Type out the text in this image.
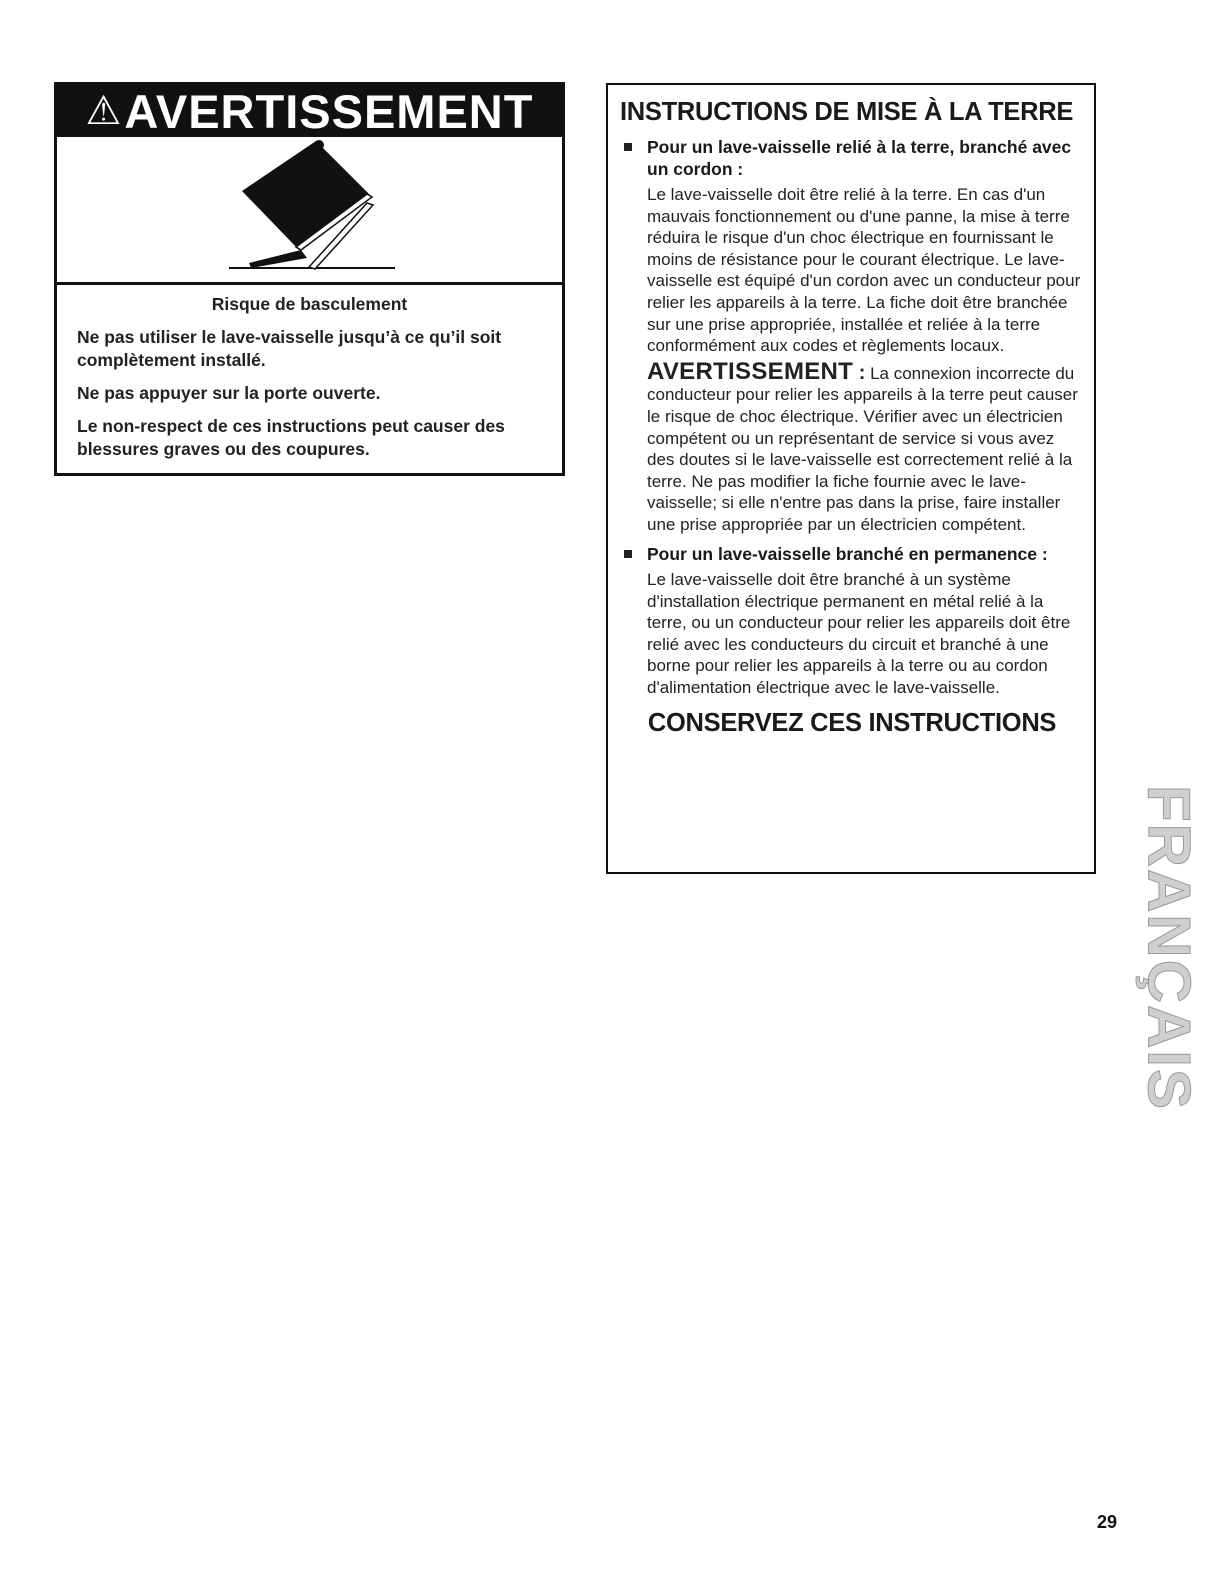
⚠ AVERTISSEMENT
Risque de basculement

Ne pas utiliser le lave-vaisselle jusqu’à ce qu’il soit complètement installé.

Ne pas appuyer sur la porte ouverte.

Le non-respect de ces instructions peut causer des blessures graves ou des coupures.

INSTRUCTIONS DE MISE À LA TERRE
Pour un lave-vaisselle relié à la terre, branché avec un cordon :

Le lave-vaisselle doit être relié à la terre. En cas d'un mauvais fonctionnement ou d'une panne, la mise à terre réduira le risque d'un choc électrique en fournissant le moins de résistance pour le courant électrique. Le lave-vaisselle est équipé d'un cordon avec un conducteur pour relier les appareils à la terre. La fiche doit être branchée sur une prise appropriée, installée et reliée à la terre conformément aux codes et règlements locaux.

AVERTISSEMENT : La connexion incorrecte du conducteur pour relier les appareils à la terre peut causer le risque de choc électrique. Vérifier avec un électricien compétent ou un représentant de service si vous avez des doutes si le lave-vaisselle est correctement relié à la terre. Ne pas modifier la fiche fournie avec le lave-vaisselle; si elle n'entre pas dans la prise, faire installer une prise appropriée par un électricien compétent.

Pour un lave-vaisselle branché en permanence :

Le lave-vaisselle doit être branché à un système d'installation électrique permanent en métal relié à la terre, ou un conducteur pour relier les appareils doit être relié avec les conducteurs du circuit et branché à une borne pour relier les appareils à la terre ou au cordon d'alimentation électrique avec le lave-vaisselle.

CONSERVEZ CES INSTRUCTIONS
FRANÇAIS
29
